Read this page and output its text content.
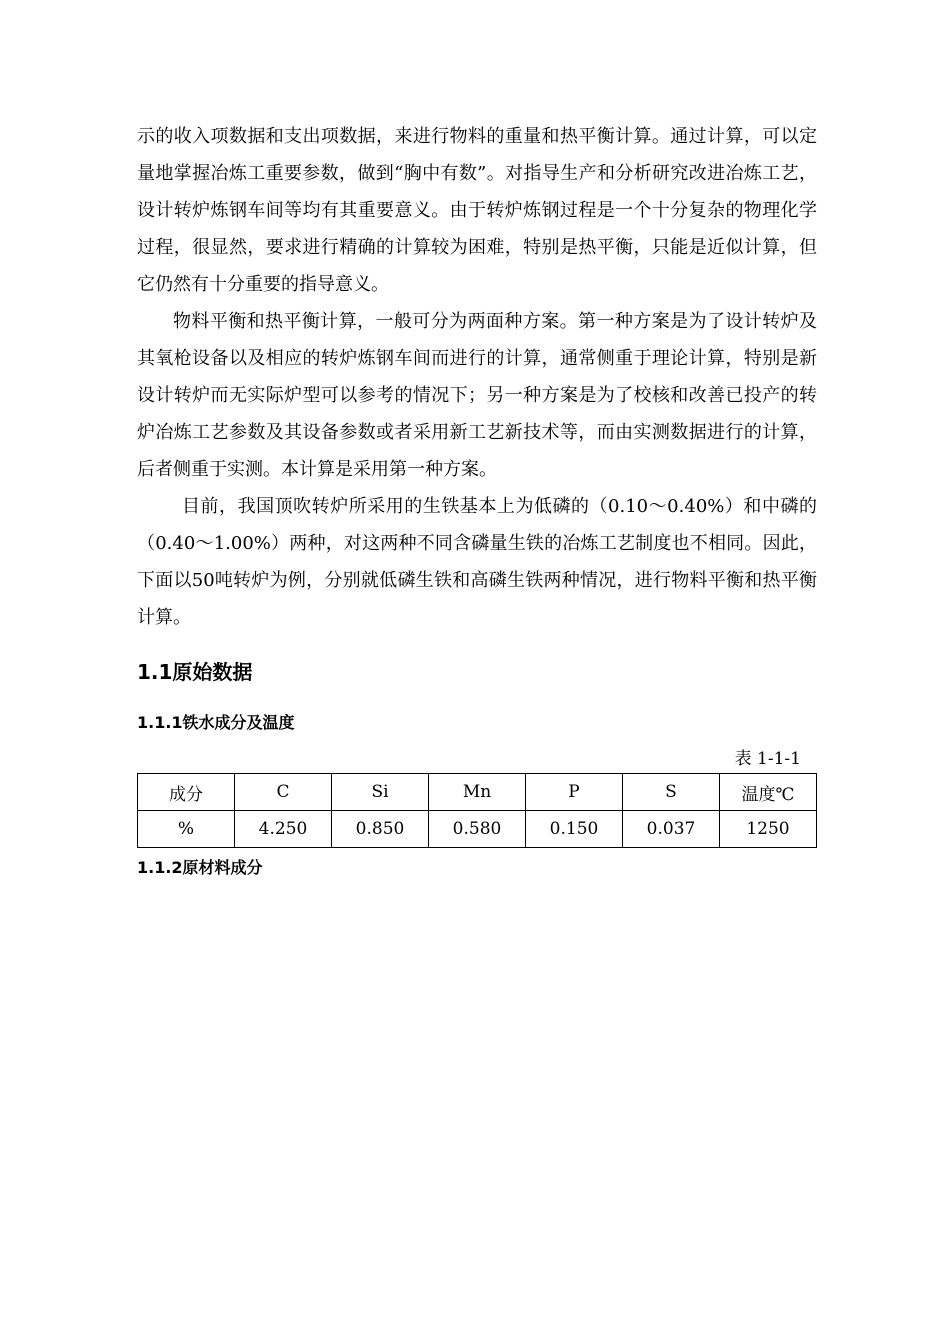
示的收入项数据和支出项数据，来进行物料的重量和热平衡计算。通过计算，可以定量地掌握冶炼工重要参数，做到“胸中有数”。对指导生产和分析研究改进冶炼工艺，设计转炉炼钢车间等均有其重要意义。由于转炉炼钢过程是一个十分复杂的物理化学过程，很显然，要求进行精确的计算较为困难，特别是热平衡，只能是近似计算，但它仍然有十分重要的指导意义。

物料平衡和热平衡计算，一般可分为两面种方案。第一种方案是为了设计转炉及其氧枪设备以及相应的转炉炼钢车间而进行的计算，通常侧重于理论计算，特别是新设计转炉而无实际炉型可以参考的情况下；另一种方案是为了校核和改善已投产的转炉冶炼工艺参数及其设备参数或者采用新工艺新技术等，而由实测数据进行的计算，后者侧重于实测。本计算是采用第一种方案。

目前，我国顶吹转炉所采用的生铁基本上为低磷的（0.10～0.40%）和中磷的（0.40～1.00%）两种，对这两种不同含磷量生铁的冶炼工艺制度也不相同。因此，下面以50吨转炉为例，分别就低磷生铁和高磷生铁两种情况，进行物料平衡和热平衡计算。

1.1原始数据
1.1.1铁水成分及温度
表 1-1-1
成分	C	Si	Mn	P	S	温度℃
%	4.250	0.850	0.580	0.150	0.037	1250
1.1.2原材料成分
